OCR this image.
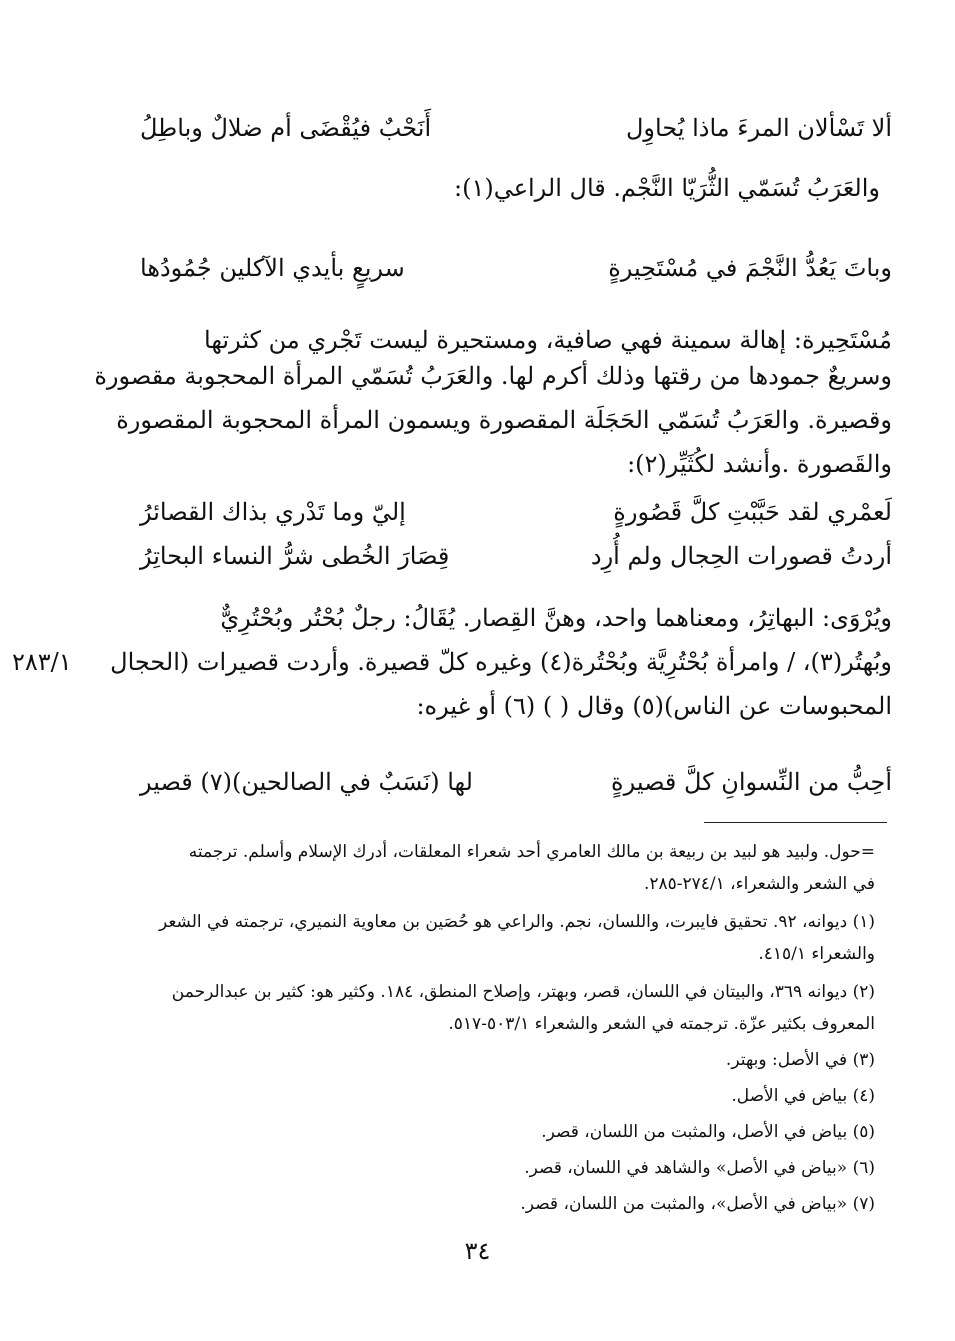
ألا تَسْألان المرءَ ماذا يُحاوِل
أَنَحْبٌ فيُقْضَى أم ضلالٌ وباطِلُ
والعَرَبُ تُسَمّي الثُّرَيّا النَّجْم. قال الراعي(١):
وباتَ يَعُدُّ النَّجْمَ في مُسْتَحِيرةٍ
سريعٍ بأيدي الآكلين جُمُودُها
مُسْتَحِيرة: إهالة سمينة فهي صافية، ومستحيرة ليست تَجْري من كثرتها
وسريعٌ جمودها من رقتها وذلك أكرم لها. والعَرَبُ تُسَمّي المرأة المحجوبة مقصورة
وقصيرة. والعَرَبُ تُسَمّي الحَجَلَة المقصورة ويسمون المرأة المحجوبة المقصورة
والقَصورة .وأنشد لكُثَيِّر(٢):
لَعمْري لقد حَبَّبْتِ كلَّ قَصُورةٍ
إليّ وما تَدْري بذاك القصائرُ
أردتُ قصورات الحِجال ولم أُرِد
قِصَارَ الخُطى شرُّ النساء البحاتِرُ
ويُرْوَى: البهاتِرُ، ومعناهما واحد، وهنَّ القِصار. يُقَالُ: رجلٌ بُحْتُر وبُحْتُرِيٌّ
وبُهتُر(٣)، / وامرأة بُحْتُرِيَّة وبُحْتُرة(٤) وغيره كلّ قصيرة. وأردت قصيرات (الحجال
المحبوسات عن الناس)(٥) وقال ( ) (٦) أو غيره:
٢٨٣/١
أحِبُّ من النِّسوانِ كلَّ قصيرةٍ
لها (نَسَبٌ في الصالحين)(٧) قصير
=حول. ولبيد هو لبيد بن ربيعة بن مالك العامري أحد شعراء المعلقات، أدرك الإسلام وأسلم. ترجمته
في الشعر والشعراء، ٢٧٤/١-٢٨٥.
(١) ديوانه، ٩٢. تحقيق فايبرت، واللسان، نجم. والراعي هو حُصَين بن معاوية النميري، ترجمته في الشعر
والشعراء ٤١٥/١.
(٢) ديوانه ٣٦٩، والبيتان في اللسان، قصر، وبهتر، وإصلاح المنطق، ١٨٤. وكثير هو: كثير بن عبدالرحمن
المعروف بكثير عزّة. ترجمته في الشعر والشعراء ٥٠٣/١-٥١٧.
(٣) في الأصل: وبهتر.
(٤) بياض في الأصل.
(٥) بياض في الأصل، والمثبت من اللسان، قصر.
(٦) «بياض في الأصل» والشاهد في اللسان، قصر.
(٧) «بياض في الأصل»، والمثبت من اللسان، قصر.
٣٤
